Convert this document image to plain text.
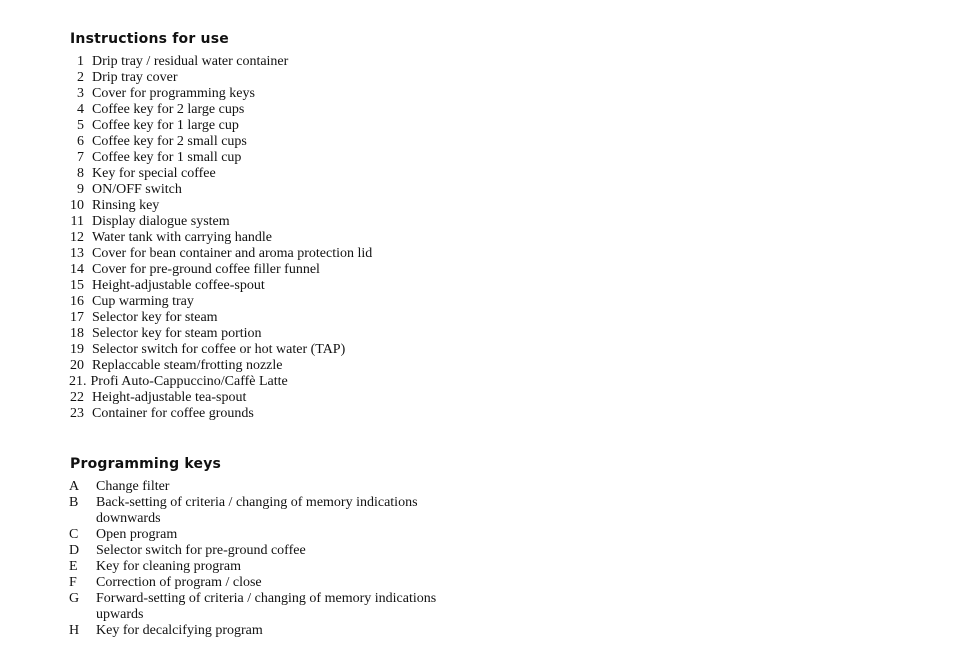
Instructions for use
1 Drip tray / residual water container
2 Drip tray cover
3 Cover for programming keys
4 Coffee key for 2 large cups
5 Coffee key for 1 large cup
6 Coffee key for 2 small cups
7 Coffee key for 1 small cup
8 Key for special coffee
9 ON/OFF switch
10 Rinsing key
11 Display dialogue system
12 Water tank with carrying handle
13 Cover for bean container and aroma protection lid
14 Cover for pre-ground coffee filler funnel
15 Height-adjustable coffee-spout
16 Cup warming tray
17 Selector key for steam
18 Selector key for steam portion
19 Selector switch for coffee or hot water (TAP)
20 Replaccable steam/frotting nozzle
21. Profi Auto-Cappuccino/Caffè Latte
22 Height-adjustable tea-spout
23 Container for coffee grounds
Programming keys
A	Change filter
B	Back-setting of criteria / changing of memory indications downwards
C	Open program
D	Selector switch for pre-ground coffee
E	Key for cleaning program
F	Correction of program / close
G	Forward-setting of criteria / changing of memory indications upwards
H	Key for decalcifying program
